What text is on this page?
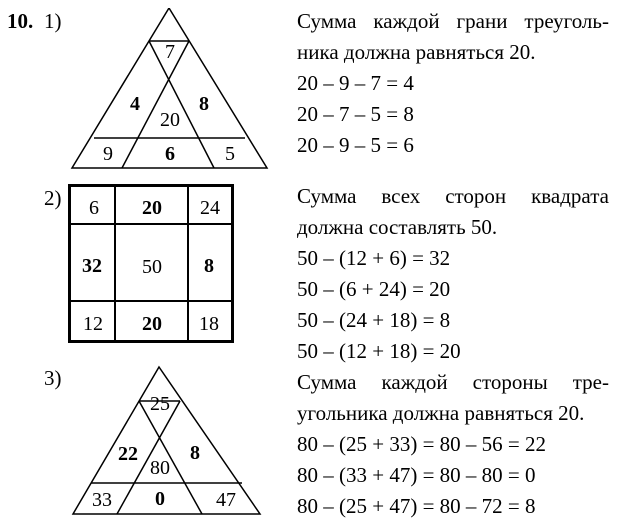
10. 1)
2)
3)
7
4
20
8
9	6	5
6 20 24
32 50 8
12 20 18
25
22
80
8
33 0	47
Сумма каждой грани треуголь-
ника должна равняться 20.
20 – 9 – 7 = 4
20 – 7 – 5 = 8
20 – 9 – 5 = 6
Сумма всех сторон квадрата
должна составлять 50.
50 – (12 + 6) = 32
50 – (6 + 24) = 20
50 – (24 + 18) = 8
50 – (12 + 18) = 20
Сумма каждой стороны тре-
угольника должна равняться 20.
80 – (25 + 33) = 80 – 56 = 22
80 – (33 + 47) = 80 – 80 = 0
80 – (25 + 47) = 80 – 72 = 8
